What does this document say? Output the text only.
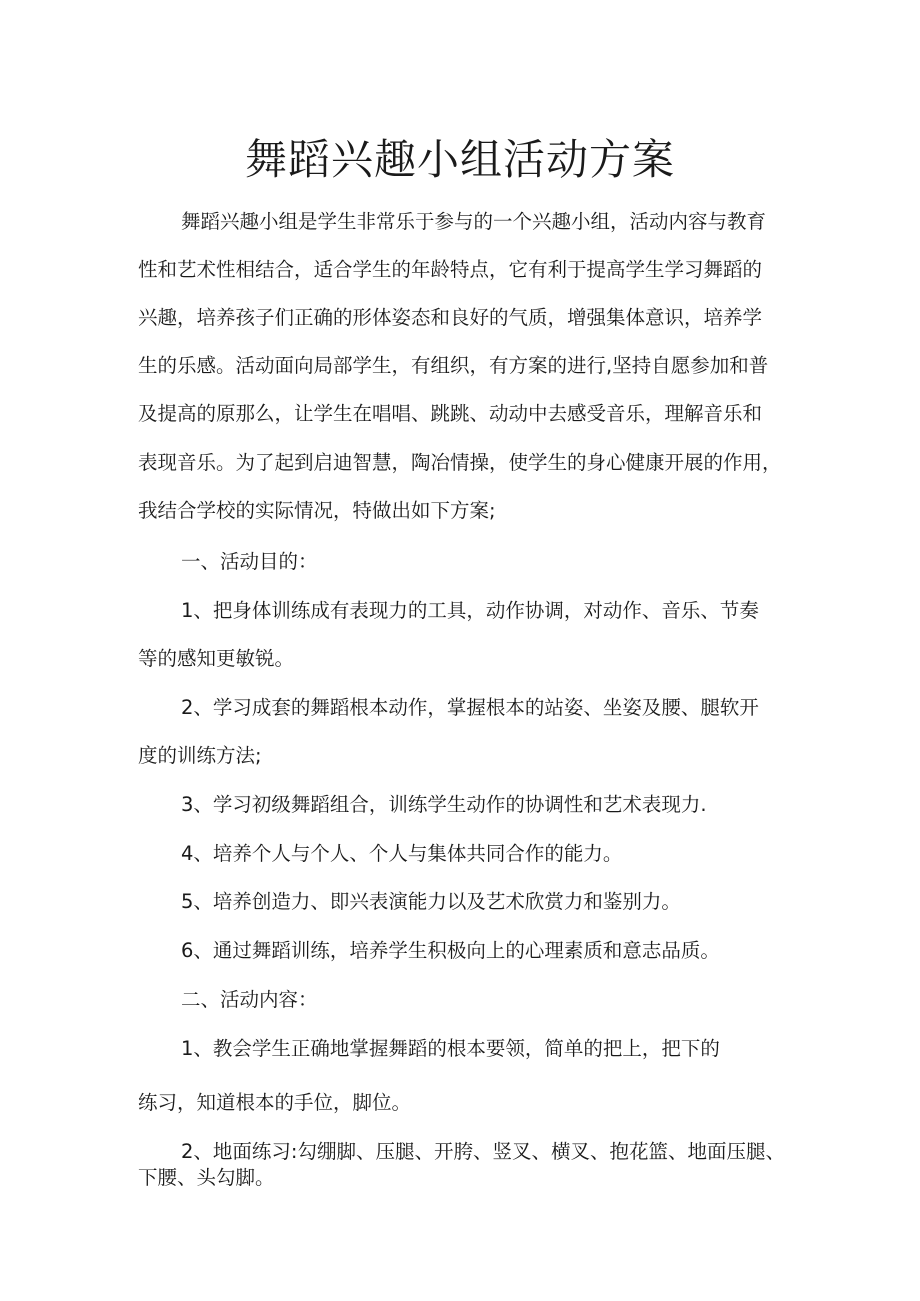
舞蹈兴趣小组活动方案

舞蹈兴趣小组是学生非常乐于参与的一个兴趣小组，活动内容与教育

性和艺术性相结合，适合学生的年龄特点，它有利于提高学生学习舞蹈的

兴趣，培养孩子们正确的形体姿态和良好的气质，增强集体意识，培养学

生的乐感。活动面向局部学生，有组织，有方案的进行,坚持自愿参加和普

及提高的原那么，让学生在唱唱、跳跳、动动中去感受音乐，理解音乐和

表现音乐。为了起到启迪智慧，陶冶情操，使学生的身心健康开展的作用，

我结合学校的实际情况，特做出如下方案;

一、活动目的：

1、把身体训练成有表现力的工具，动作协调，对动作、音乐、节奏

等的感知更敏锐。

2、学习成套的舞蹈根本动作，掌握根本的站姿、坐姿及腰、腿软开

度的训练方法;

3、学习初级舞蹈组合，训练学生动作的协调性和艺术表现力.

4、培养个人与个人、个人与集体共同合作的能力。

5、培养创造力、即兴表演能力以及艺术欣赏力和鉴别力。

6、通过舞蹈训练，培养学生积极向上的心理素质和意志品质。

二、活动内容：

1、教会学生正确地掌握舞蹈的根本要领，简单的把上，把下的

练习，知道根本的手位，脚位。

2、地面练习:勾绷脚、压腿、开胯、竖叉、横叉、抱花篮、地面压腿、

下腰、头勾脚。
